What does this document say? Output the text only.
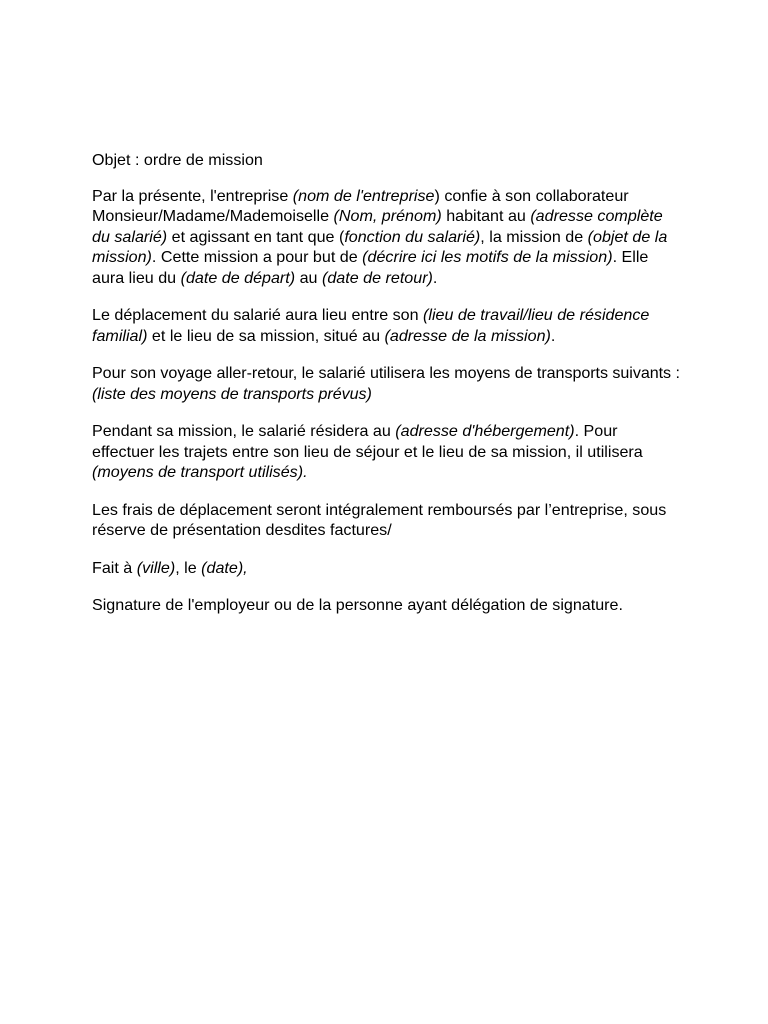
Objet : ordre de mission

Par la présente, l'entreprise (nom de l'entreprise) confie à son collaborateur Monsieur/Madame/Mademoiselle (Nom, prénom) habitant au (adresse complète du salarié) et agissant en tant que (fonction du salarié), la mission de (objet de la mission). Cette mission a pour but de (décrire ici les motifs de la mission). Elle aura lieu du (date de départ) au (date de retour).

Le déplacement du salarié aura lieu entre son (lieu de travail/lieu de résidence familial) et le lieu de sa mission, situé au (adresse de la mission).

Pour son voyage aller-retour, le salarié utilisera les moyens de transports suivants : (liste des moyens de transports prévus)

Pendant sa mission, le salarié résidera au (adresse d'hébergement). Pour effectuer les trajets entre son lieu de séjour et le lieu de sa mission, il utilisera (moyens de transport utilisés).

Les frais de déplacement seront intégralement remboursés par l’entreprise, sous réserve de présentation desdites factures/

Fait à (ville), le (date),

Signature de l'employeur ou de la personne ayant délégation de signature.
